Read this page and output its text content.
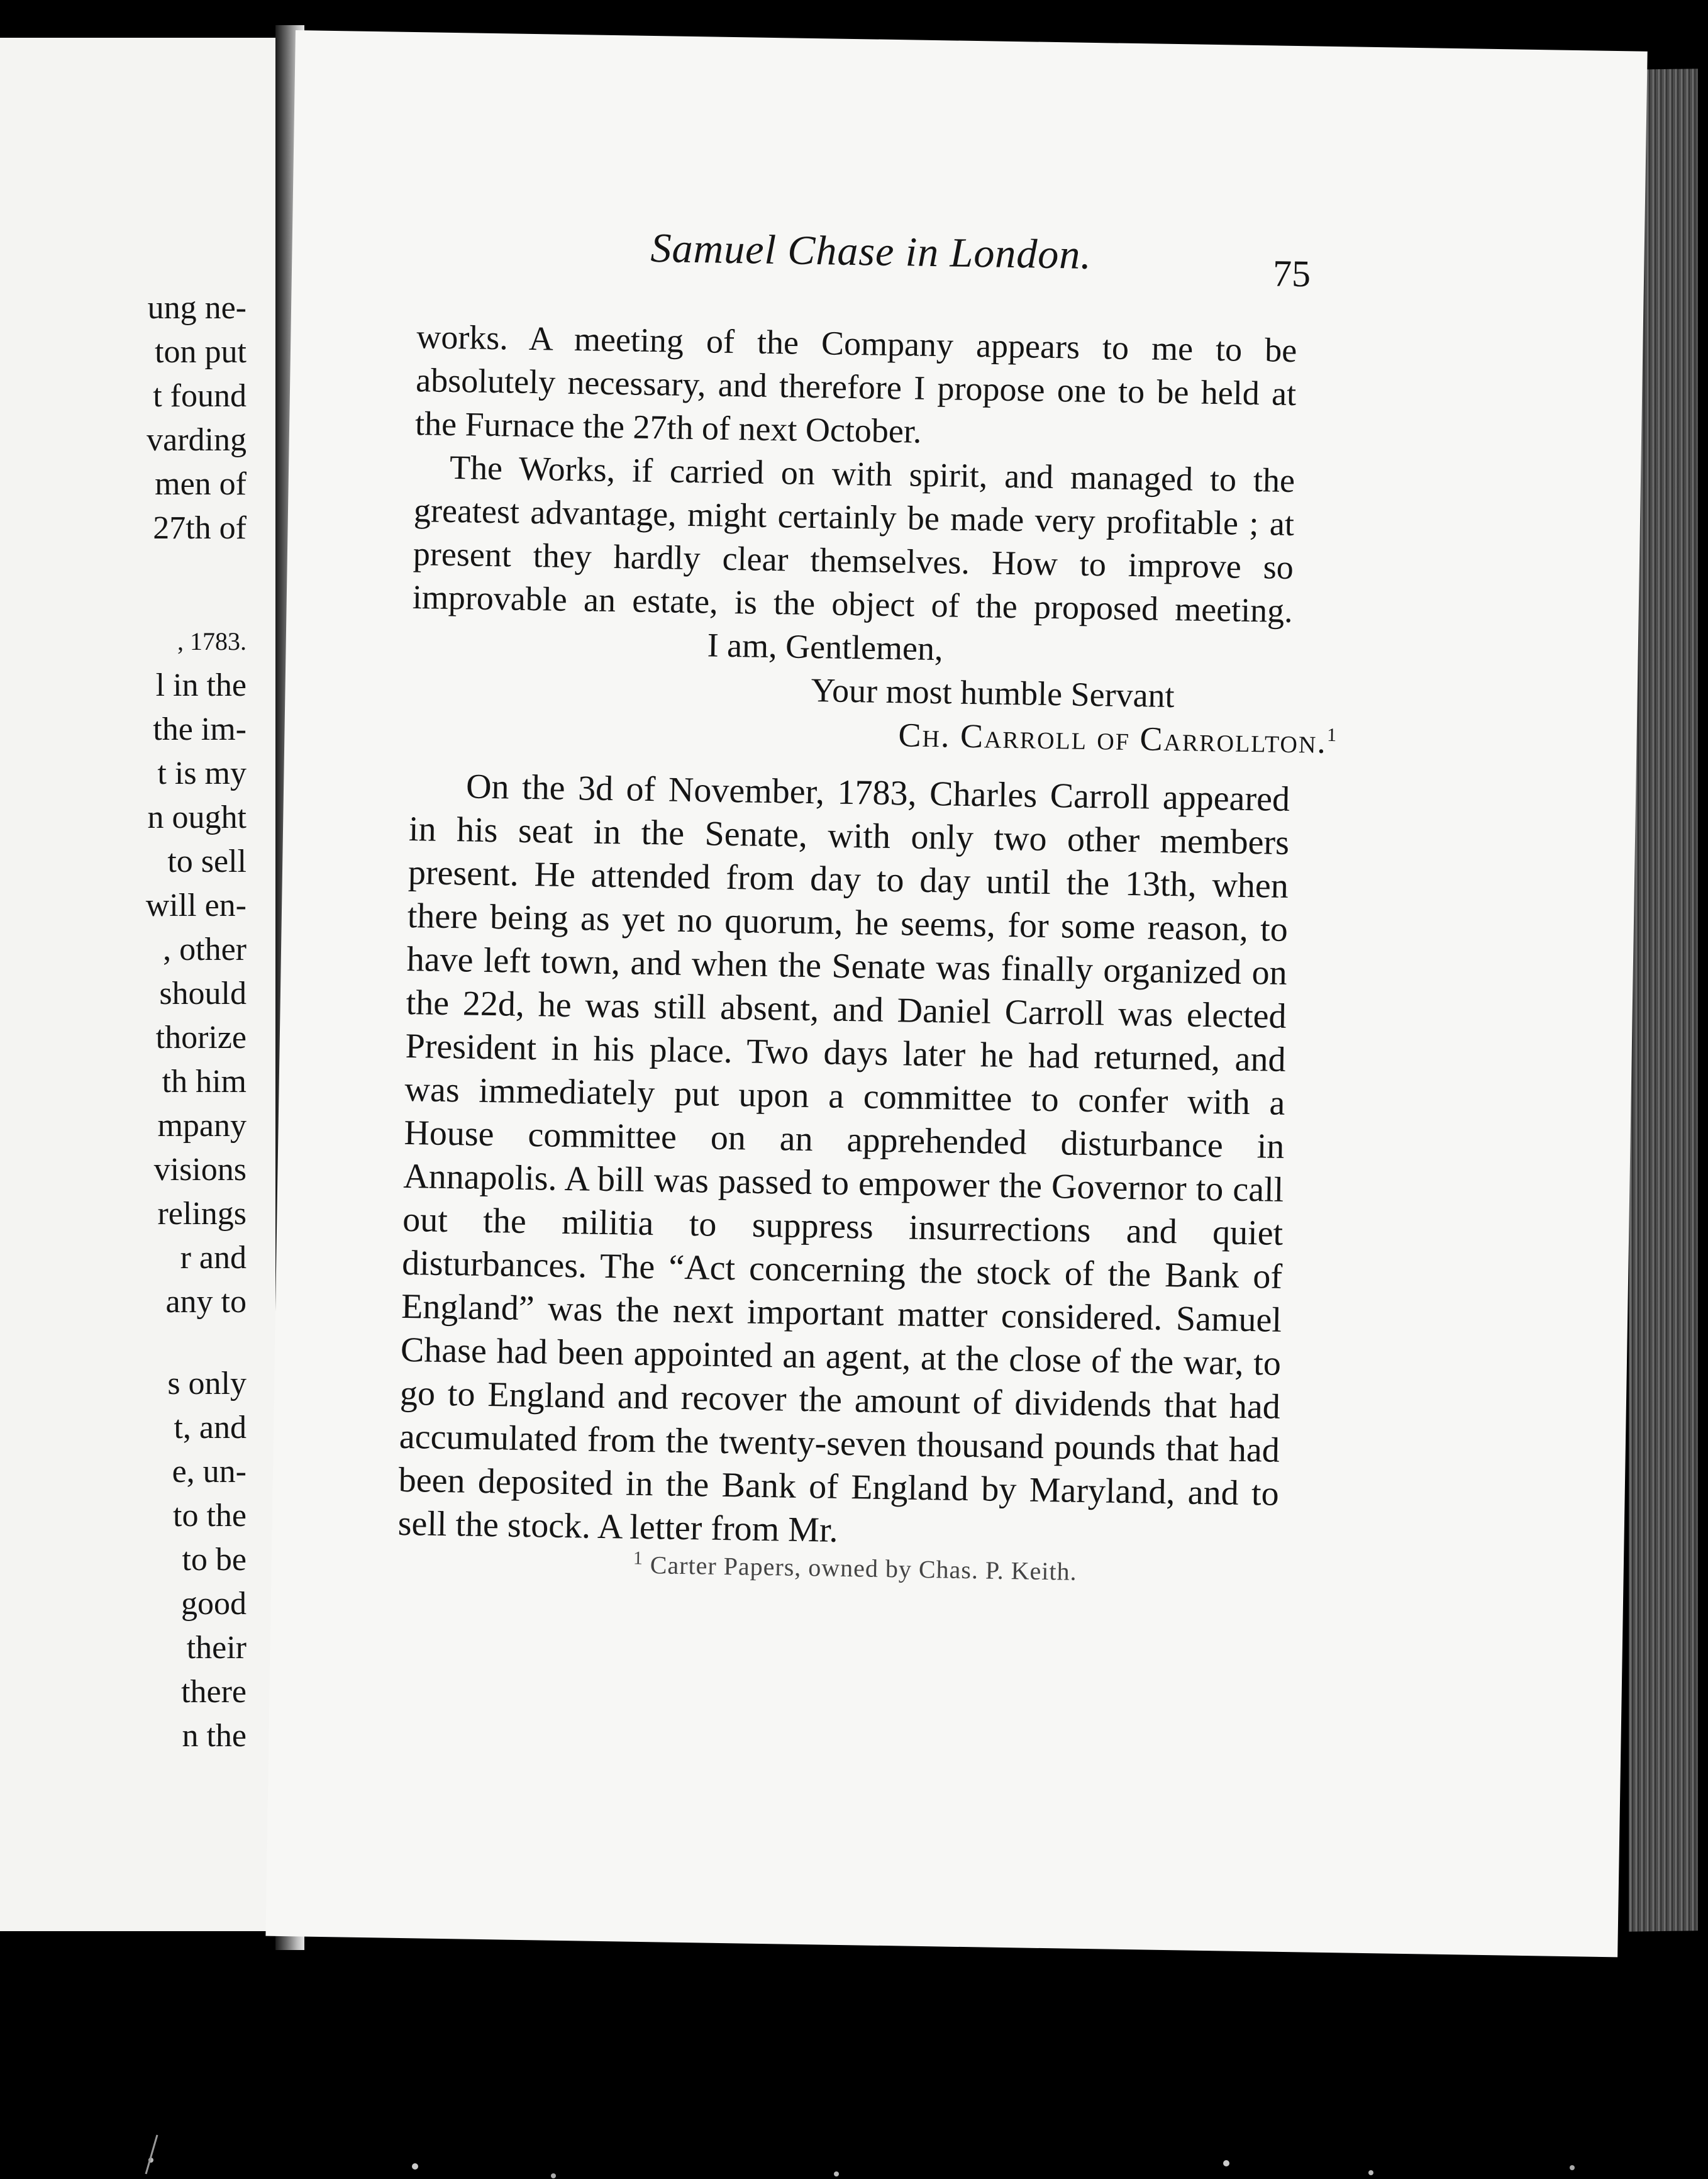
ung ne-
ton put
t found
varding
men of
27th of
, 1783.
l in the
the im-
t is my
n ought
to sell
will en-
, other
should
thorize
th him
mpany
visions
relings
r and
any to
s only
t, and
e, un-
to the
to be
good
their
there
n the
Samuel Chase in London.	75

works. A meeting of the Company appears to me to be absolutely necessary, and therefore I propose one to be held at the Furnace the 27th of next October.

The Works, if carried on with spirit, and managed to the greatest advantage, might certainly be made very profitable ; at present they hardly clear themselves. How to improve so improvable an estate, is the object of the proposed meeting. I am, Gentlemen,

Your most humble Servant

Ch. Carroll of Carrollton.$^1$

On the 3d of November, 1783, Charles Carroll appeared in his seat in the Senate, with only two other members present. He attended from day to day until the 13th, when there being as yet no quorum, he seems, for some reason, to have left town, and when the Senate was finally organized on the 22d, he was still absent, and Daniel Carroll was elected President in his place. Two days later he had returned, and was immediately put upon a committee to confer with a House committee on an apprehended disturbance in Annapolis. A bill was passed to empower the Governor to call out the militia to suppress insurrections and quiet disturbances. The “Act concerning the stock of the Bank of England” was the next important matter considered. Samuel Chase had been appointed an agent, at the close of the war, to go to England and recover the amount of dividends that had accumulated from the twenty-seven thousand pounds that had been deposited in the Bank of England by Maryland, and to sell the stock. A letter from Mr.

$^1$ Carter Papers, owned by Chas. P. Keith.
